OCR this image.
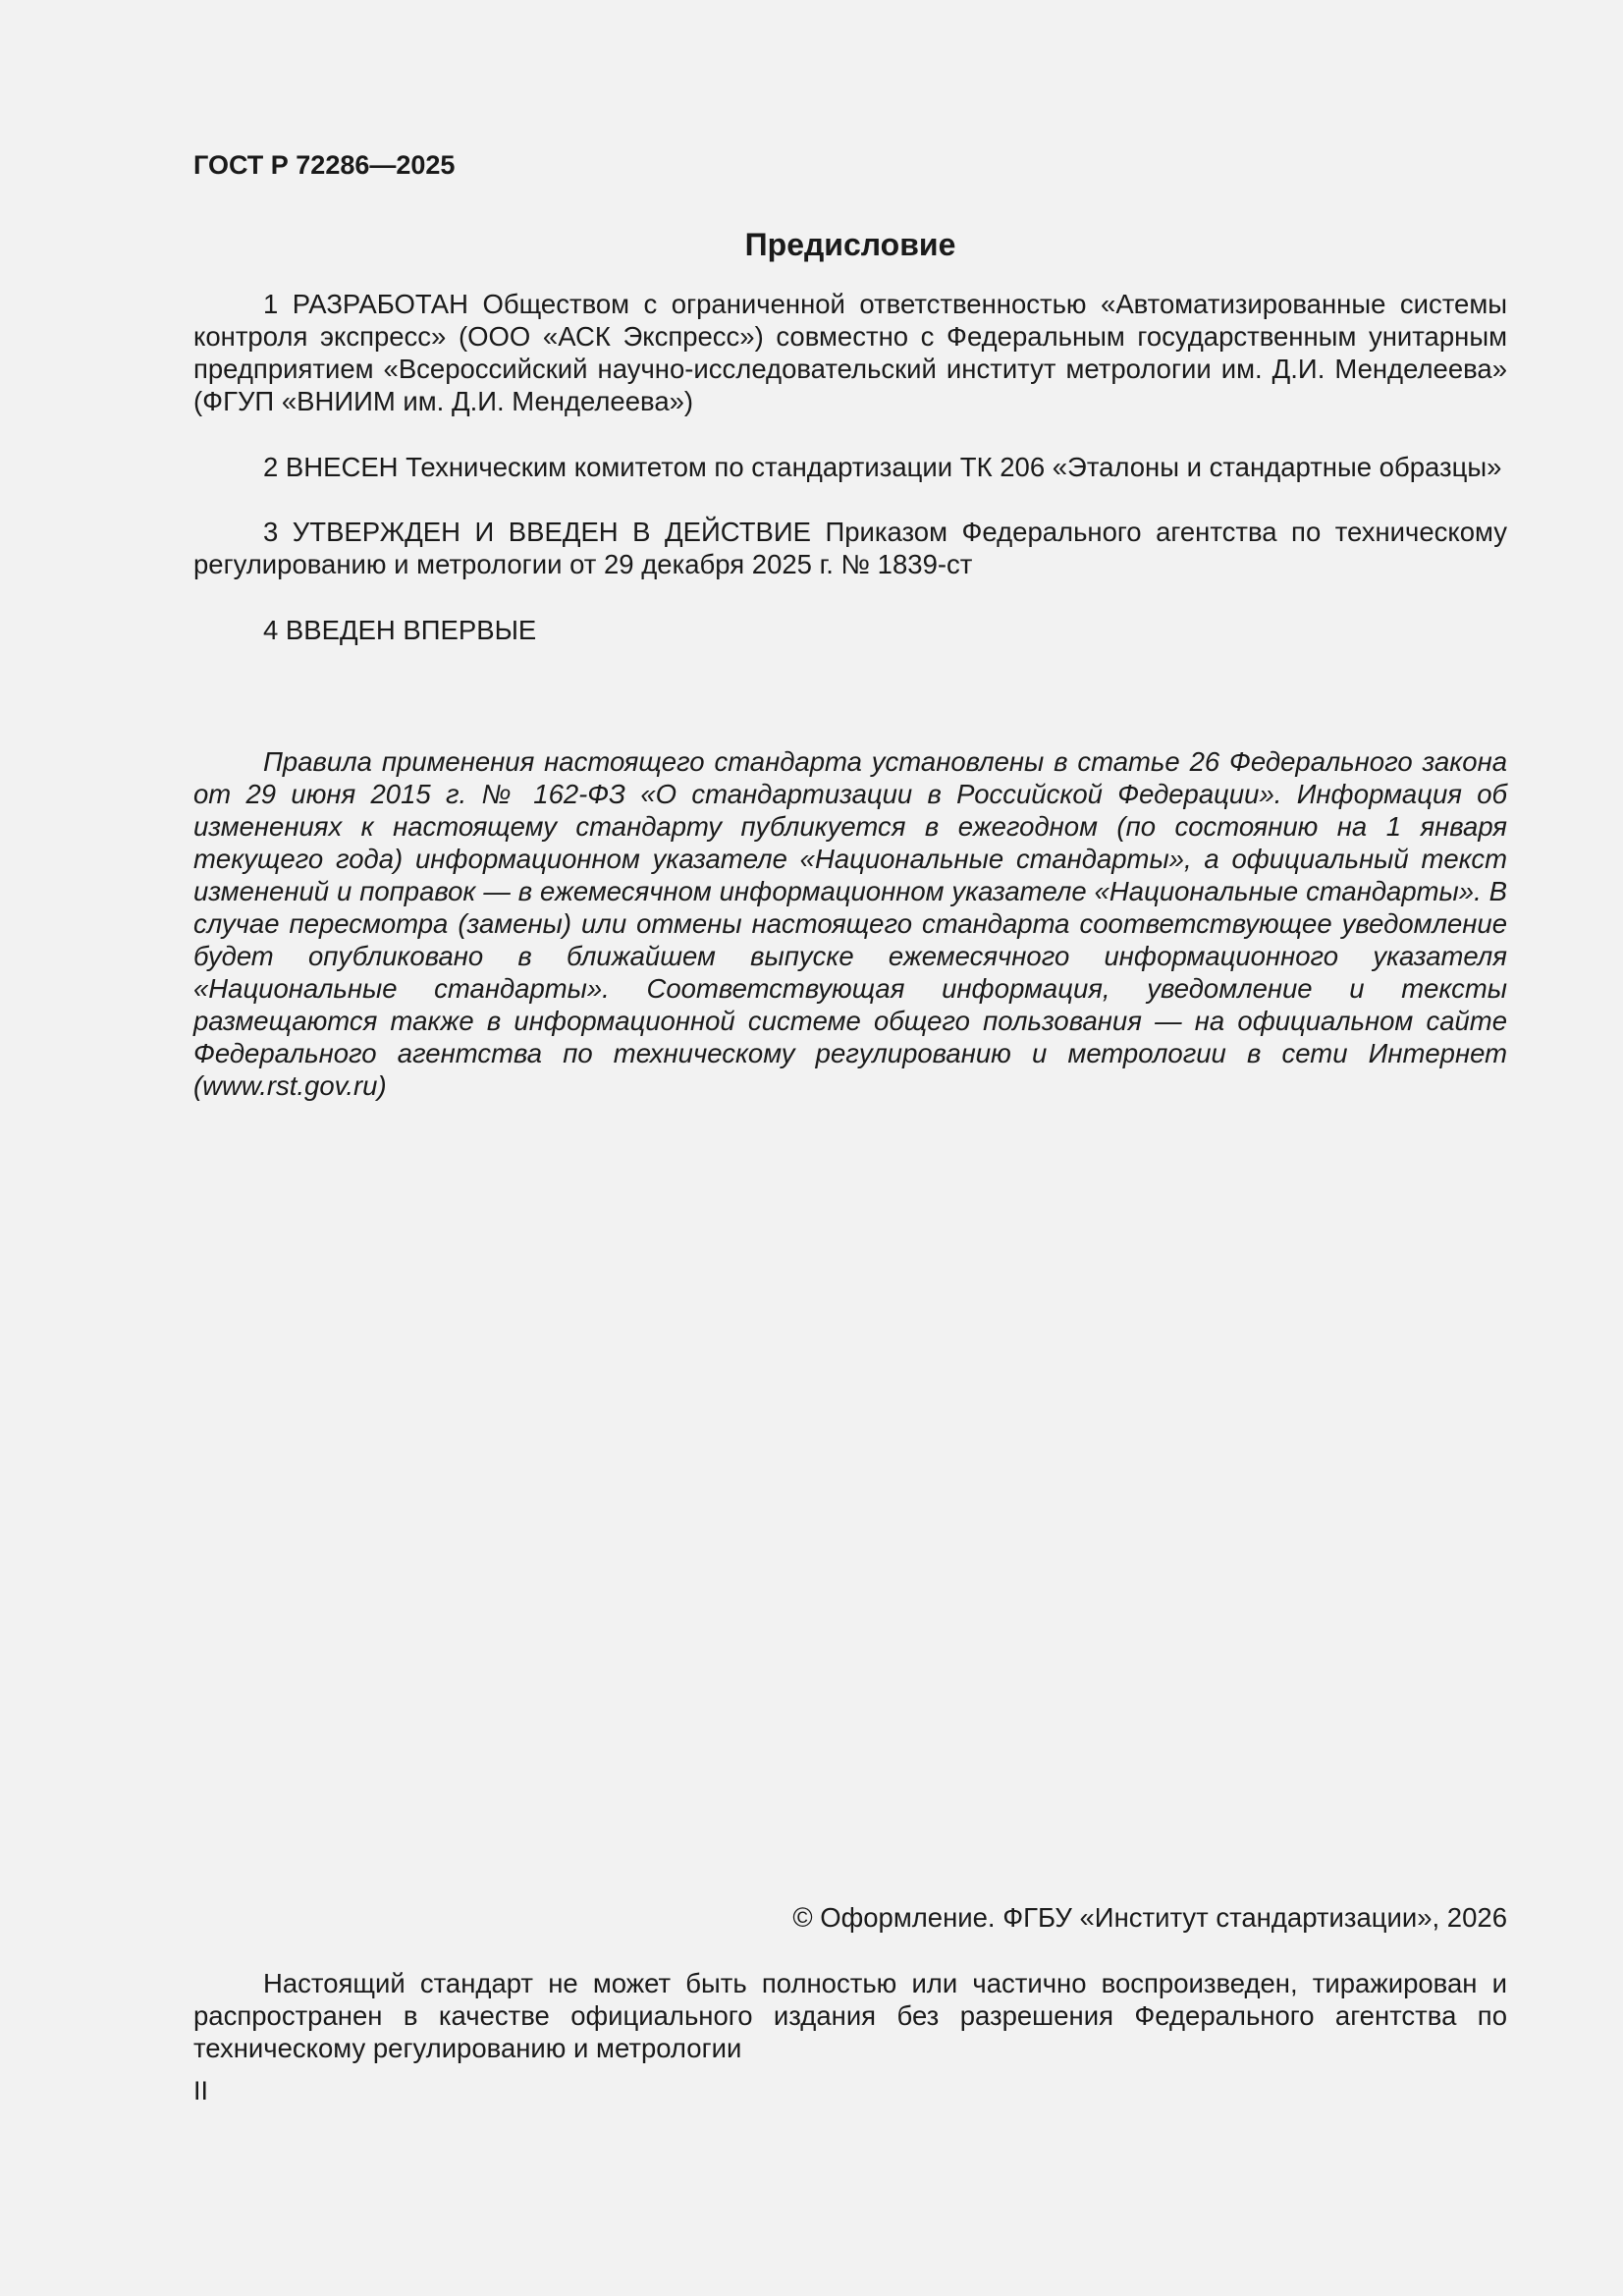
ГОСТ Р 72286—2025

Предисловие

1 РАЗРАБОТАН Обществом с ограниченной ответственностью «Автоматизированные системы контроля экспресс» (ООО «АСК Экспресс») совместно с Федеральным государственным унитарным предприятием «Всероссийский научно-исследовательский институт метрологии им. Д.И. Менделеева» (ФГУП «ВНИИМ им. Д.И. Менделеева»)

2 ВНЕСЕН Техническим комитетом по стандартизации ТК 206 «Эталоны и стандартные образцы»

3 УТВЕРЖДЕН И ВВЕДЕН В ДЕЙСТВИЕ Приказом Федерального агентства по техническому регулированию и метрологии от 29 декабря 2025 г. № 1839-ст

4 ВВЕДЕН ВПЕРВЫЕ

Правила применения настоящего стандарта установлены в статье 26 Федерального закона от 29 июня 2015 г. № 162-ФЗ «О стандартизации в Российской Федерации». Информация об изменениях к настоящему стандарту публикуется в ежегодном (по состоянию на 1 января текущего года) информационном указателе «Национальные стандарты», а официальный текст изменений и поправок — в ежемесячном информационном указателе «Национальные стандарты». В случае пересмотра (замены) или отмены настоящего стандарта соответствующее уведомление будет опубликовано в ближайшем выпуске ежемесячного информационного указателя «Национальные стандарты». Соответствующая информация, уведомление и тексты размещаются также в информационной системе общего пользования — на официальном сайте Федерального агентства по техническому регулированию и метрологии в сети Интернет (www.rst.gov.ru)

© Оформление. ФГБУ «Институт стандартизации», 2026

Настоящий стандарт не может быть полностью или частично воспроизведен, тиражирован и распространен в качестве официального издания без разрешения Федерального агентства по техническому регулированию и метрологии

II
